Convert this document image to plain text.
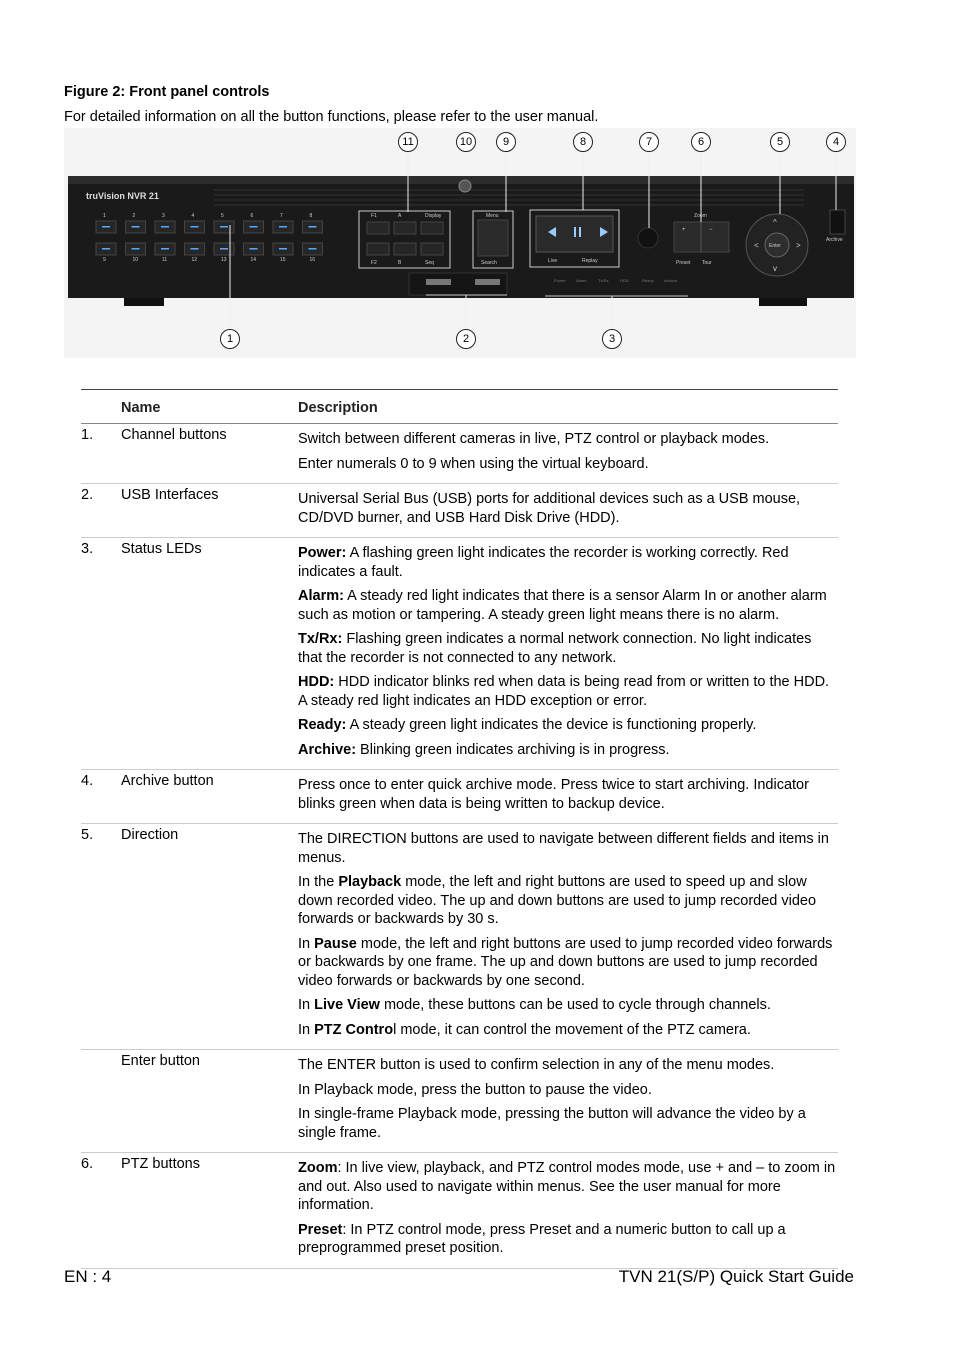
Figure 2: Front panel controls
For detailed information on all the button functions, please refer to the user manual.
truVision NVR 21
1	2	3	4	5	6	7	8
9	10	11	12	13	14	15	16
F1
F2
A
B
Display
Seq
Menu
Search	Live	Replay
+	−
Zoom
Preset Tour
Enter
^
v
<	>
Archive
Power	Alarm	Tx/Rx	HDD	Ready	Archive
11	10	9	8	7	6	5	4
1	2	3
Name	Description
1. Channel buttons	Switch between different cameras in live, PTZ control or playback modes.

Enter numerals 0 to 9 when using the virtual keyboard.

2. USB Interfaces	Universal Serial Bus (USB) ports for additional devices such as a USB mouse, CD/DVD burner, and USB Hard Disk Drive (HDD).

3. Status LEDs	Power: A flashing green light indicates the recorder is working correctly. Red indicates a fault.

Alarm: A steady red light indicates that there is a sensor Alarm In or another alarm such as motion or tampering. A steady green light means there is no alarm.

Tx/Rx: Flashing green indicates a normal network connection. No light indicates that the recorder is not connected to any network.

HDD: HDD indicator blinks red when data is being read from or written to the HDD. A steady red light indicates an HDD exception or error.

Ready: A steady green light indicates the device is functioning properly.

Archive: Blinking green indicates archiving is in progress.

4. Archive button	Press once to enter quick archive mode. Press twice to start archiving. Indicator blinks green when data is being written to backup device.

5. Direction	The DIRECTION buttons are used to navigate between different fields and items in menus.

In the Playback mode, the left and right buttons are used to speed up and slow down recorded video. The up and down buttons are used to jump recorded video forwards or backwards by 30 s.

In Pause mode, the left and right buttons are used to jump recorded video forwards or backwards by one frame. The up and down buttons are used to jump recorded video forwards or backwards by one second.

In Live View mode, these buttons can be used to cycle through channels.

In PTZ Control mode, it can control the movement of the PTZ camera.

Enter button	The ENTER button is used to confirm selection in any of the menu modes.

In Playback mode, press the button to pause the video.

In single-frame Playback mode, pressing the button will advance the video by a single frame.

6. PTZ buttons	Zoom: In live view, playback, and PTZ control modes mode, use + and – to zoom in and out. Also used to navigate within menus. See the user manual for more information.

Preset: In PTZ control mode, press Preset and a numeric button to call up a preprogrammed preset position.

EN : 4	TVN 21(S/P) Quick Start Guide
